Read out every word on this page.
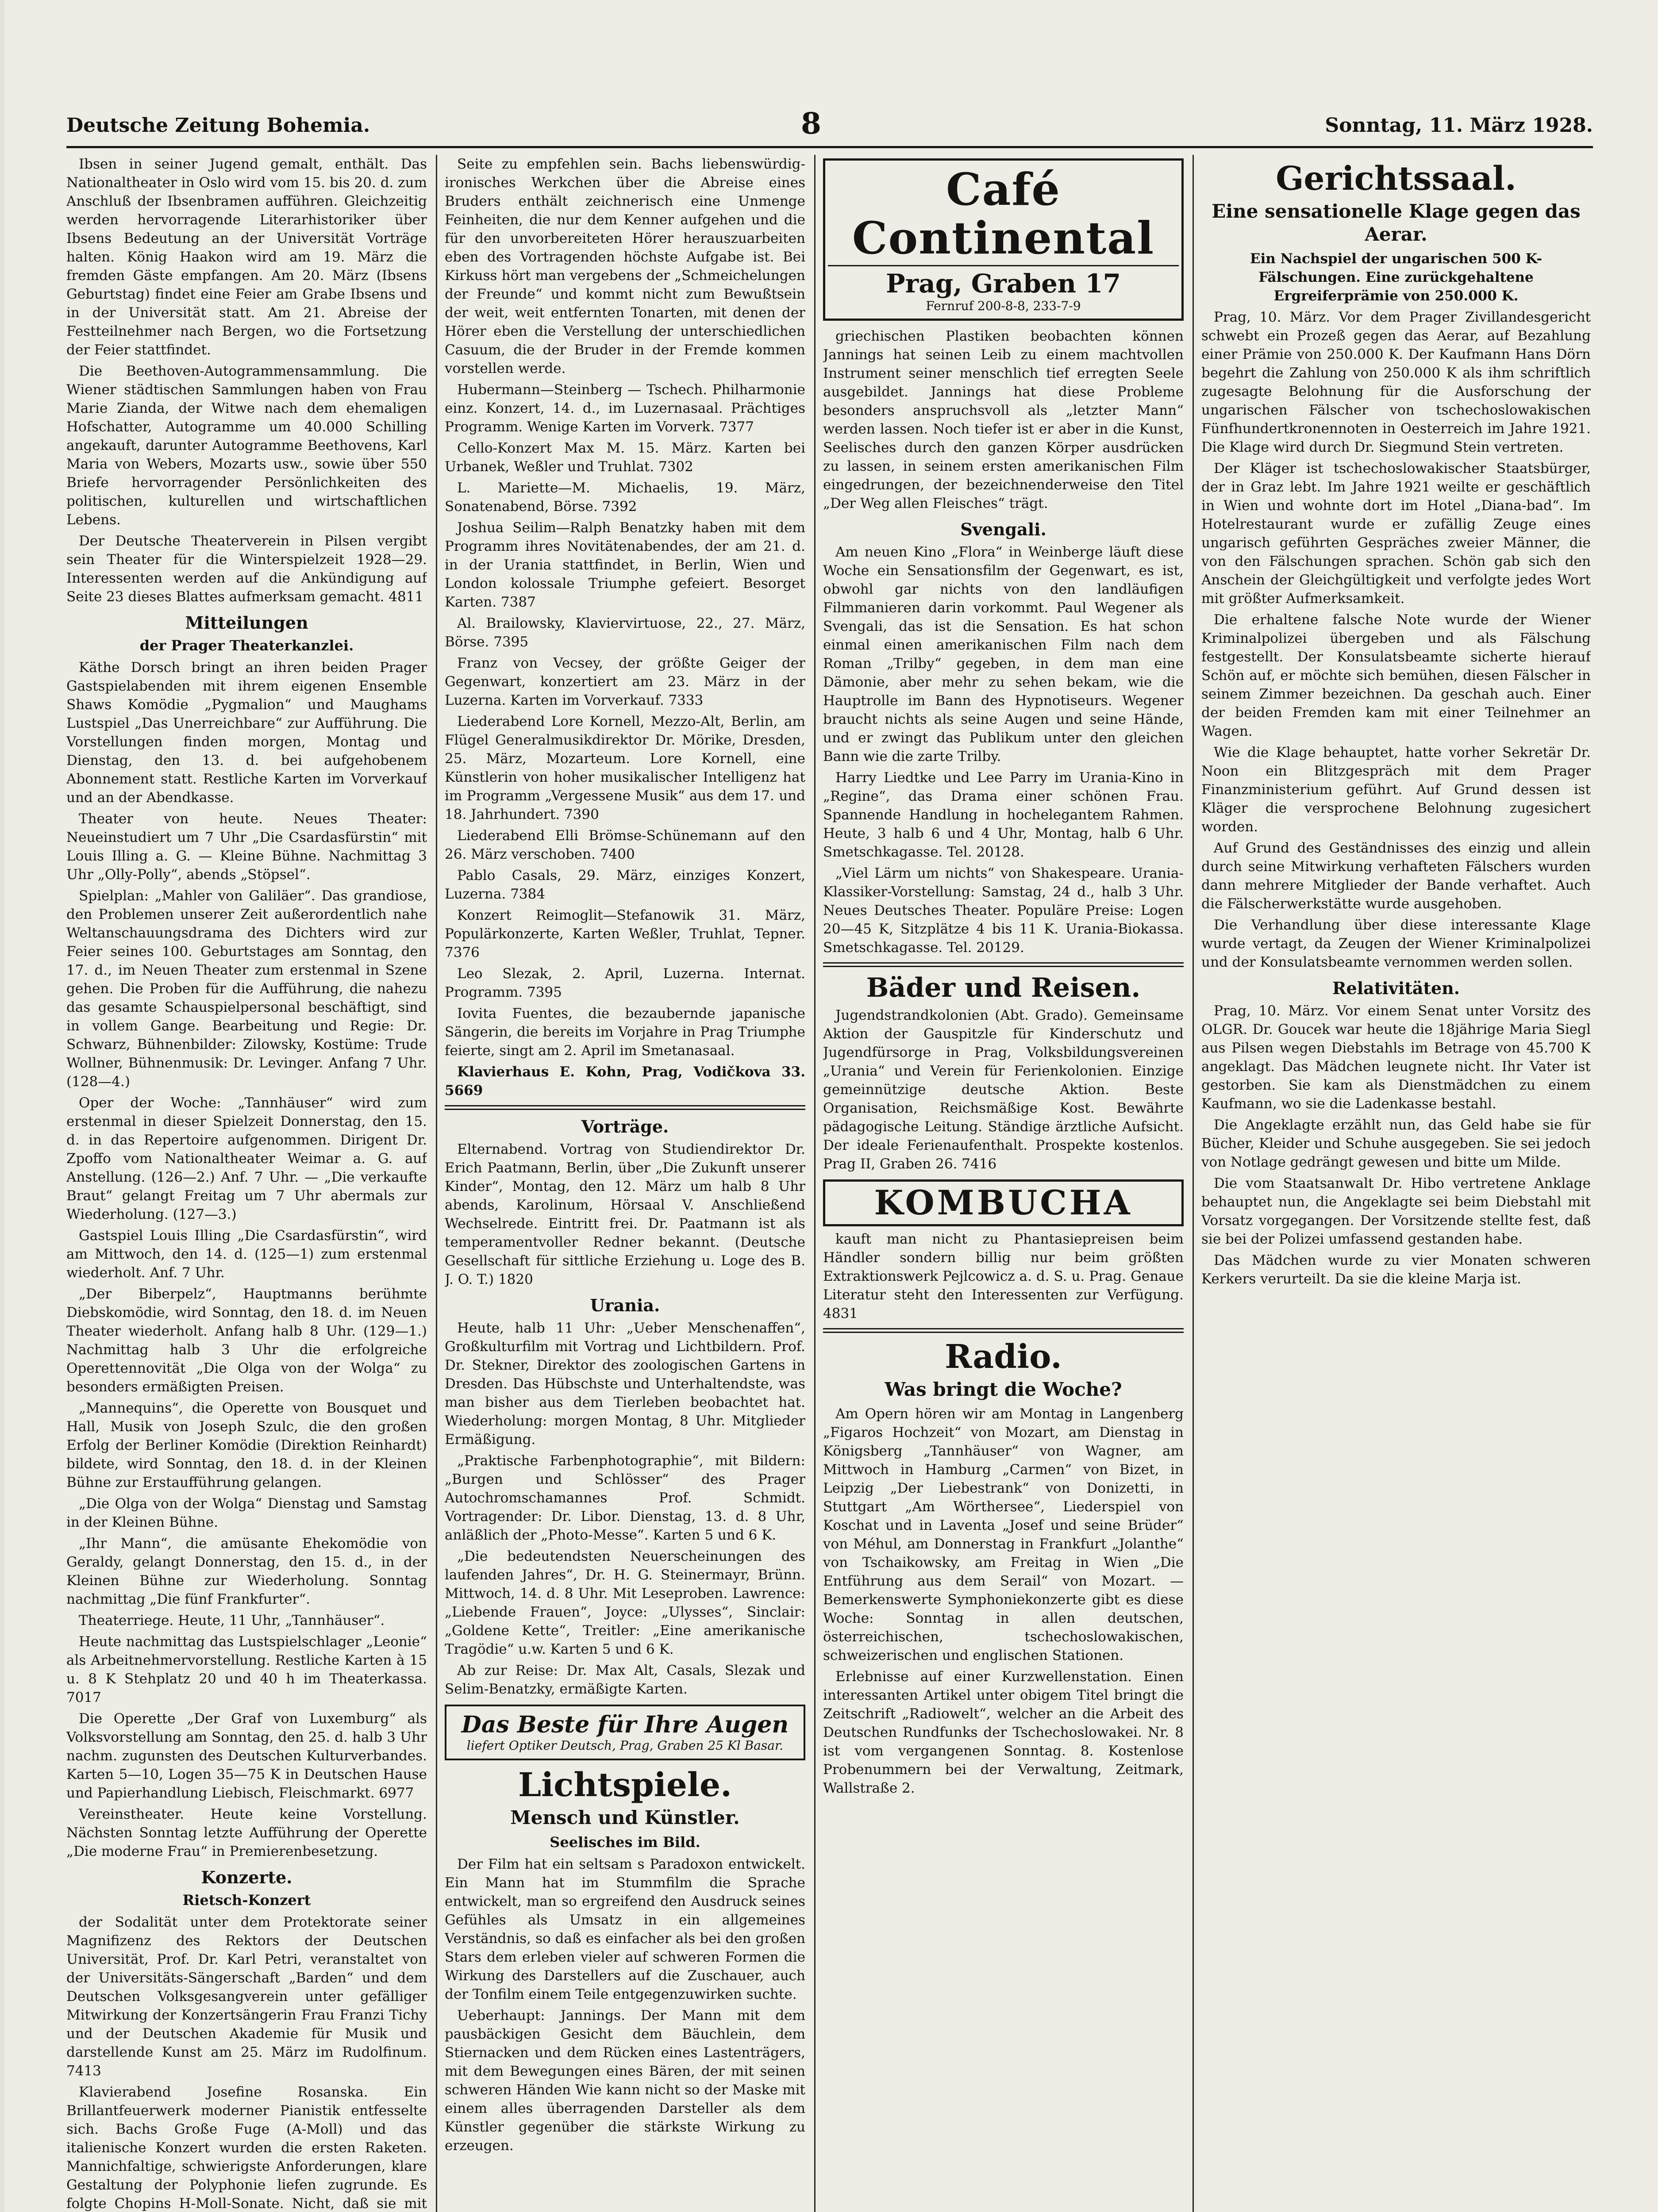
Deutsche Zeitung Bohemia.	8	Sonntag, 11. März 1928.

Ibsen in seiner Jugend gemalt, enthält. Das Nationaltheater in Oslo wird vom 15. bis 20. d. zum Anschluß der Ibsenbramen aufführen. Gleichzeitig werden hervorragende Literarhistoriker über Ibsens Bedeutung an der Universität Vorträge halten. König Haakon wird am 19. März die fremden Gäste empfangen. Am 20. März (Ibsens Geburtstag) findet eine Feier am Grabe Ibsens und in der Universität statt. Am 21. Abreise der Festteilnehmer nach Bergen, wo die Fortsetzung der Feier stattfindet.

Die Beethoven-Autogrammensammlung. Die Wiener städtischen Sammlungen haben von Frau Marie Zianda, der Witwe nach dem ehemaligen Hofschatter, Autogramme um 40.000 Schilling angekauft, darunter Autogramme Beethovens, Karl Maria von Webers, Mozarts usw., sowie über 550 Briefe hervorragender Persönlichkeiten des politischen, kulturellen und wirtschaftlichen Lebens.

Der Deutsche Theaterverein in Pilsen vergibt sein Theater für die Winterspielzeit 1928—29. Interessenten werden auf die Ankündigung auf Seite 23 dieses Blattes aufmerksam gemacht. 4811

Mitteilungen
der Prager Theaterkanzlei.

Käthe Dorsch bringt an ihren beiden Prager Gastspielabenden mit ihrem eigenen Ensemble Shaws Komödie „Pygmalion“ und Maughams Lustspiel „Das Unerreichbare“ zur Aufführung. Die Vorstellungen finden morgen, Montag und Dienstag, den 13. d. bei aufgehobenem Abonnement statt. Restliche Karten im Vorverkauf und an der Abendkasse.

Theater von heute. Neues Theater: Neueinstudiert um 7 Uhr „Die Csardasfürstin“ mit Louis Illing a. G. — Kleine Bühne. Nachmittag 3 Uhr „Olly-Polly“, abends „Stöpsel“.

Spielplan: „Mahler von Galiläer“. Das grandiose, den Problemen unserer Zeit außerordentlich nahe Weltanschauungsdrama des Dichters wird zur Feier seines 100. Geburtstages am Sonntag, den 17. d., im Neuen Theater zum erstenmal in Szene gehen. Die Proben für die Aufführung, die nahezu das gesamte Schauspielpersonal beschäftigt, sind in vollem Gange. Bearbeitung und Regie: Dr. Schwarz, Bühnenbilder: Zilowsky, Kostüme: Trude Wollner, Bühnenmusik: Dr. Levinger. Anfang 7 Uhr. (128—4.)

Oper der Woche: „Tannhäuser“ wird zum erstenmal in dieser Spielzeit Donnerstag, den 15. d. in das Repertoire aufgenommen. Dirigent Dr. Zpoffo vom Nationaltheater Weimar a. G. auf Anstellung. (126—2.) Anf. 7 Uhr. — „Die verkaufte Braut“ gelangt Freitag um 7 Uhr abermals zur Wiederholung. (127—3.)

Gastspiel Louis Illing „Die Csardasfürstin“, wird am Mittwoch, den 14. d. (125—1) zum erstenmal wiederholt. Anf. 7 Uhr.

„Der Biberpelz“, Hauptmanns berühmte Diebskomödie, wird Sonntag, den 18. d. im Neuen Theater wiederholt. Anfang halb 8 Uhr. (129—1.) Nachmittag halb 3 Uhr die erfolgreiche Operettennovität „Die Olga von der Wolga“ zu besonders ermäßigten Preisen.

„Mannequins“, die Operette von Bousquet und Hall, Musik von Joseph Szulc, die den großen Erfolg der Berliner Komödie (Direktion Reinhardt) bildete, wird Sonntag, den 18. d. in der Kleinen Bühne zur Erstaufführung gelangen.

„Die Olga von der Wolga“ Dienstag und Samstag in der Kleinen Bühne.

„Ihr Mann“, die amüsante Ehekomödie von Geraldy, gelangt Donnerstag, den 15. d., in der Kleinen Bühne zur Wiederholung. Sonntag nachmittag „Die fünf Frankfurter“.

Theaterriege. Heute, 11 Uhr, „Tannhäuser“.

Heute nachmittag das Lustspielschlager „Leonie“ als Arbeitnehmervorstellung. Restliche Karten à 15 u. 8 K Stehplatz 20 und 40 h im Theaterkassa. 7017

Die Operette „Der Graf von Luxemburg“ als Volksvorstellung am Sonntag, den 25. d. halb 3 Uhr nachm. zugunsten des Deutschen Kulturverbandes. Karten 5—10, Logen 35—75 K in Deutschen Hause und Papierhandlung Liebisch, Fleischmarkt. 6977

Vereinstheater. Heute keine Vorstellung. Nächsten Sonntag letzte Aufführung der Operette „Die moderne Frau“ in Premierenbesetzung.

Konzerte.
Rietsch-Konzert

der Sodalität unter dem Protektorate seiner Magnifizenz des Rektors der Deutschen Universität, Prof. Dr. Karl Petri, veranstaltet von der Universitäts-Sängerschaft „Barden“ und dem Deutschen Volksgesangverein unter gefälliger Mitwirkung der Konzertsängerin Frau Franzi Tichy und der Deutschen Akademie für Musik und darstellende Kunst am 25. März im Rudolfinum. 7413

Klavierabend Josefine Rosanska. Ein Brillantfeuerwerk moderner Pianistik entfesselte sich. Bachs Große Fuge (A-Moll) und das italienische Konzert wurden die ersten Raketen. Mannichfaltige, schwierigste Anforderungen, klare Gestaltung der Polyphonie liefen zugrunde. Es folgte Chopins H-Moll-Sonate. Nicht, daß sie mit

Seite zu empfehlen sein. Bachs liebenswürdig-ironisches Werkchen über die Abreise eines Bruders enthält zeichnerisch eine Unmenge Feinheiten, die nur dem Kenner aufgehen und die für den unvorbereiteten Hörer herauszuarbeiten eben des Vortragenden höchste Aufgabe ist. Bei Kirkuss hört man vergebens der „Schmeichelungen der Freunde“ und kommt nicht zum Bewußtsein der weit, weit entfernten Tonarten, mit denen der Hörer eben die Verstellung der unterschiedlichen Casuum, die der Bruder in der Fremde kommen vorstellen werde.

Hubermann—Steinberg — Tschech. Philharmonie einz. Konzert, 14. d., im Luzernasaal. Prächtiges Programm. Wenige Karten im Vorverk. 7377

Cello-Konzert Max M. 15. März. Karten bei Urbanek, Weßler und Truhlat. 7302

L. Mariette—M. Michaelis, 19. März, Sonatenabend, Börse. 7392

Joshua Seilim—Ralph Benatzky haben mit dem Programm ihres Novitätenabendes, der am 21. d. in der Urania stattfindet, in Berlin, Wien und London kolossale Triumphe gefeiert. Besorget Karten. 7387

Al. Brailowsky, Klaviervirtuose, 22., 27. März, Börse. 7395

Franz von Vecsey, der größte Geiger der Gegenwart, konzertiert am 23. März in der Luzerna. Karten im Vorverkauf. 7333

Liederabend Lore Kornell, Mezzo-Alt, Berlin, am Flügel Generalmusikdirektor Dr. Mörike, Dresden, 25. März, Mozarteum. Lore Kornell, eine Künstlerin von hoher musikalischer Intelligenz hat im Programm „Vergessene Musik“ aus dem 17. und 18. Jahrhundert. 7390

Liederabend Elli Brömse-Schünemann auf den 26. März verschoben. 7400

Pablo Casals, 29. März, einziges Konzert, Luzerna. 7384

Konzert Reimoglit—Stefanowik 31. März, Populärkonzerte, Karten Weßler, Truhlat, Tepner. 7376

Leo Slezak, 2. April, Luzerna. Internat. Programm. 7395

Iovita Fuentes, die bezaubernde japanische Sängerin, die bereits im Vorjahre in Prag Triumphe feierte, singt am 2. April im Smetanasaal.

Klavierhaus E. Kohn, Prag, Vodičkova 33. 5669

Vorträge.

Elternabend. Vortrag von Studiendirektor Dr. Erich Paatmann, Berlin, über „Die Zukunft unserer Kinder“, Montag, den 12. März um halb 8 Uhr abends, Karolinum, Hörsaal V. Anschließend Wechselrede. Eintritt frei. Dr. Paatmann ist als temperamentvoller Redner bekannt. (Deutsche Gesellschaft für sittliche Erziehung u. Loge des B. J. O. T.) 1820

Urania.

Heute, halb 11 Uhr: „Ueber Menschenaffen“, Großkulturfilm mit Vortrag und Lichtbildern. Prof. Dr. Stekner, Direktor des zoologischen Gartens in Dresden. Das Hübschste und Unterhaltendste, was man bisher aus dem Tierleben beobachtet hat. Wiederholung: morgen Montag, 8 Uhr. Mitglieder Ermäßigung.

„Praktische Farbenphotographie“, mit Bildern: „Burgen und Schlösser“ des Prager Autochromschamannes Prof. Schmidt. Vortragender: Dr. Libor. Dienstag, 13. d. 8 Uhr, anläßlich der „Photo-Messe“. Karten 5 und 6 K.

„Die bedeutendsten Neuerscheinungen des laufenden Jahres“, Dr. H. G. Steinermayr, Brünn. Mittwoch, 14. d. 8 Uhr. Mit Leseproben. Lawrence: „Liebende Frauen“, Joyce: „Ulysses“, Sinclair: „Goldene Kette“, Treitler: „Eine amerikanische Tragödie“ u.w. Karten 5 und 6 K.

Ab zur Reise: Dr. Max Alt, Casals, Slezak und Selim-Benatzky, ermäßigte Karten.

Das Beste für Ihre Augen
liefert Optiker Deutsch, Prag, Graben 25 Kl Basar.
Lichtspiele.
Mensch und Künstler.
Seelisches im Bild.

Der Film hat ein seltsam s Paradoxon entwickelt. Ein Mann hat im Stummfilm die Sprache entwickelt, man so ergreifend den Ausdruck seines Gefühles als Umsatz in ein allgemeines Verständnis, so daß es einfacher als bei den großen Stars dem erleben vieler auf schweren Formen die Wirkung des Darstellers auf die Zuschauer, auch der Tonfilm einem Teile entgegenzuwirken suchte.

Ueberhaupt: Jannings. Der Mann mit dem pausbäckigen Gesicht dem Bäuchlein, dem Stiernacken und dem Rücken eines Lastenträgers, mit dem Bewegungen eines Bären, der mit seinen schweren Händen Wie kann nicht so der Maske mit einem alles überragenden Darsteller als dem Künstler gegenüber die stärkste Wirkung zu erzeugen.

Café Continental
Prag, Graben 17
Fernruf 200-8-8, 233-7-9

griechischen Plastiken beobachten können Jannings hat seinen Leib zu einem machtvollen Instrument seiner menschlich tief erregten Seele ausgebildet. Jannings hat diese Probleme besonders anspruchsvoll als „letzter Mann“ werden lassen. Noch tiefer ist er aber in die Kunst, Seelisches durch den ganzen Körper ausdrücken zu lassen, in seinem ersten amerikanischen Film eingedrungen, der bezeichnenderweise den Titel „Der Weg allen Fleisches“ trägt.

Svengali.

Am neuen Kino „Flora“ in Weinberge läuft diese Woche ein Sensationsfilm der Gegenwart, es ist, obwohl gar nichts von den landläufigen Filmmanieren darin vorkommt. Paul Wegener als Svengali, das ist die Sensation. Es hat schon einmal einen amerikanischen Film nach dem Roman „Trilby“ gegeben, in dem man eine Dämonie, aber mehr zu sehen bekam, wie die Hauptrolle im Bann des Hypnotiseurs. Wegener braucht nichts als seine Augen und seine Hände, und er zwingt das Publikum unter den gleichen Bann wie die zarte Trilby.

Harry Liedtke und Lee Parry im Urania-Kino in „Regine“, das Drama einer schönen Frau. Spannende Handlung in hochelegantem Rahmen. Heute, 3 halb 6 und 4 Uhr, Montag, halb 6 Uhr. Smetschkagasse. Tel. 20128.

„Viel Lärm um nichts“ von Shakespeare. Urania-Klassiker-Vorstellung: Samstag, 24 d., halb 3 Uhr. Neues Deutsches Theater. Populäre Preise: Logen 20—45 K, Sitzplätze 4 bis 11 K. Urania-Biokassa. Smetschkagasse. Tel. 20129.

Bäder und Reisen.

Jugendstrandkolonien (Abt. Grado). Gemeinsame Aktion der Gauspitzle für Kinderschutz und Jugendfürsorge in Prag, Volksbildungsvereinen „Urania“ und Verein für Ferienkolonien. Einzige gemeinnützige deutsche Aktion. Beste Organisation, Reichsmäßige Kost. Bewährte pädagogische Leitung. Ständige ärztliche Aufsicht. Der ideale Ferienaufenthalt. Prospekte kostenlos. Prag II, Graben 26. 7416

KOMBUCHA

kauft man nicht zu Phantasiepreisen beim Händler sondern billig nur beim größten Extraktionswerk Pejlcowicz a. d. S. u. Prag. Genaue Literatur steht den Interessenten zur Verfügung. 4831

Radio.
Was bringt die Woche?

Am Opern hören wir am Montag in Langenberg „Figaros Hochzeit“ von Mozart, am Dienstag in Königsberg „Tannhäuser“ von Wagner, am Mittwoch in Hamburg „Carmen“ von Bizet, in Leipzig „Der Liebestrank“ von Donizetti, in Stuttgart „Am Wörthersee“, Liederspiel von Koschat und in Laventa „Josef und seine Brüder“ von Méhul, am Donnerstag in Frankfurt „Jolanthe“ von Tschaikowsky, am Freitag in Wien „Die Entführung aus dem Serail“ von Mozart. — Bemerkenswerte Symphoniekonzerte gibt es diese Woche: Sonntag in allen deutschen, österreichischen, tschechoslowakischen, schweizerischen und englischen Stationen.

Erlebnisse auf einer Kurzwellenstation. Einen interessanten Artikel unter obigem Titel bringt die Zeitschrift „Radiowelt“, welcher an die Arbeit des Deutschen Rundfunks der Tschechoslowakei. Nr. 8 ist vom vergangenen Sonntag. 8. Kostenlose Probenummern bei der Verwaltung, Zeitmark, Wallstraße 2.

Gerichtssaal.
Eine sensationelle Klage gegen das Aerar.

Ein Nachspiel der ungarischen 500 K-Fälschungen. Eine zurückgehaltene Ergreiferprämie von 250.000 K.

Prag, 10. März. Vor dem Prager Zivillandesgericht schwebt ein Prozeß gegen das Aerar, auf Bezahlung einer Prämie von 250.000 K. Der Kaufmann Hans Dörn begehrt die Zahlung von 250.000 K als ihm schriftlich zugesagte Belohnung für die Ausforschung der ungarischen Fälscher von tschechoslowakischen Fünfhundertkronennoten in Oesterreich im Jahre 1921. Die Klage wird durch Dr. Siegmund Stein vertreten.

Der Kläger ist tschechoslowakischer Staatsbürger, der in Graz lebt. Im Jahre 1921 weilte er geschäftlich in Wien und wohnte dort im Hotel „Diana-bad“. Im Hotelrestaurant wurde er zufällig Zeuge eines ungarisch geführten Gespräches zweier Männer, die von den Fälschungen sprachen. Schön gab sich den Anschein der Gleichgültigkeit und verfolgte jedes Wort mit größter Aufmerksamkeit.

Die erhaltene falsche Note wurde der Wiener Kriminalpolizei übergeben und als Fälschung festgestellt. Der Konsulatsbeamte sicherte hierauf Schön auf, er möchte sich bemühen, diesen Fälscher in seinem Zimmer bezeichnen. Da geschah auch. Einer der beiden Fremden kam mit einer Teilnehmer an Wagen.

Wie die Klage behauptet, hatte vorher Sekretär Dr. Noon ein Blitzgespräch mit dem Prager Finanzministerium geführt. Auf Grund dessen ist Kläger die versprochene Belohnung zugesichert worden.

Auf Grund des Geständnisses des einzig und allein durch seine Mitwirkung verhafteten Fälschers wurden dann mehrere Mitglieder der Bande verhaftet. Auch die Fälscherwerkstätte wurde ausgehoben.

Die Verhandlung über diese interessante Klage wurde vertagt, da Zeugen der Wiener Kriminalpolizei und der Konsulatsbeamte vernommen werden sollen.

Relativitäten.

Prag, 10. März. Vor einem Senat unter Vorsitz des OLGR. Dr. Goucek war heute die 18jährige Maria Siegl aus Pilsen wegen Diebstahls im Betrage von 45.700 K angeklagt. Das Mädchen leugnete nicht. Ihr Vater ist gestorben. Sie kam als Dienstmädchen zu einem Kaufmann, wo sie die Ladenkasse bestahl.

Die Angeklagte erzählt nun, das Geld habe sie für Bücher, Kleider und Schuhe ausgegeben. Sie sei jedoch von Notlage gedrängt gewesen und bitte um Milde.

Die vom Staatsanwalt Dr. Hibo vertretene Anklage behauptet nun, die Angeklagte sei beim Diebstahl mit Vorsatz vorgegangen. Der Vorsitzende stellte fest, daß sie bei der Polizei umfassend gestanden habe.

Das Mädchen wurde zu vier Monaten schweren Kerkers verurteilt. Da sie die kleine Marja ist.
